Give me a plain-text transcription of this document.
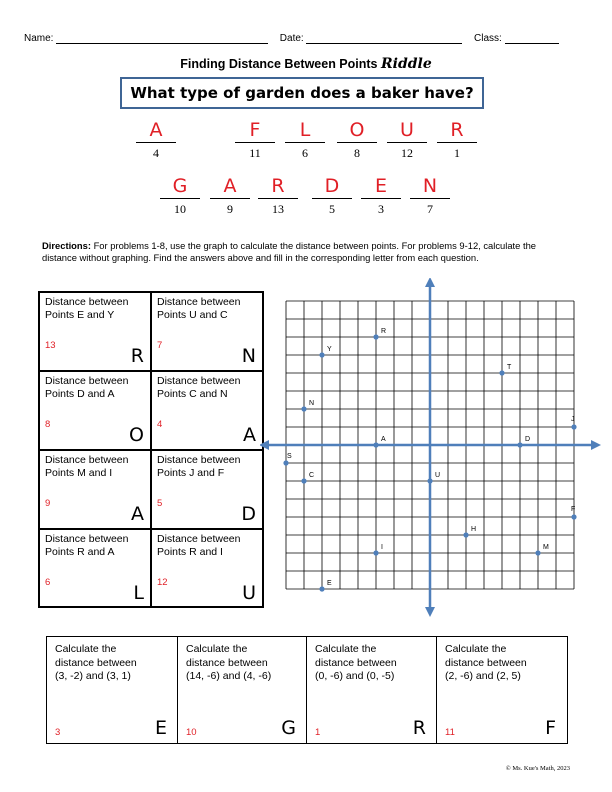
Name:	Date:	Class:
Finding Distance Between Points Riddle
What type of garden does a baker have?
A
4
F
11
L
6
O
8
U
12
R
1
G
10
A
9
R
13
D
5
E
3
N
7
Directions: For problems 1-8, use the graph to calculate the distance between points. For problems 9-12, calculate the distance without graphing. Find the answers above and fill in the corresponding letter from each question.
Distance between
Points E and Y
13	R
Distance between
Points U and C
7	N
Distance between
Points D and A
8	O
Distance between
Points C and N
4	A
Distance between
Points M and I
9	A
Distance between
Points J and F
5	D
Distance between
Points R and A
6	L
Distance between
Points R and I
12	U
R
Y
T
N
J
A	D
S
C	U
F
H
I	M
E
Calculate the
distance between
(3, -2) and (3, 1)
3	E
Calculate the
distance between
(14, -6) and (4, -6)
10	G
Calculate the
distance between
(0, -6) and (0, -5)
1	R
Calculate the
distance between
(2, -6) and (2, 5)
11	F
© Ms. Kue's Math, 2023
